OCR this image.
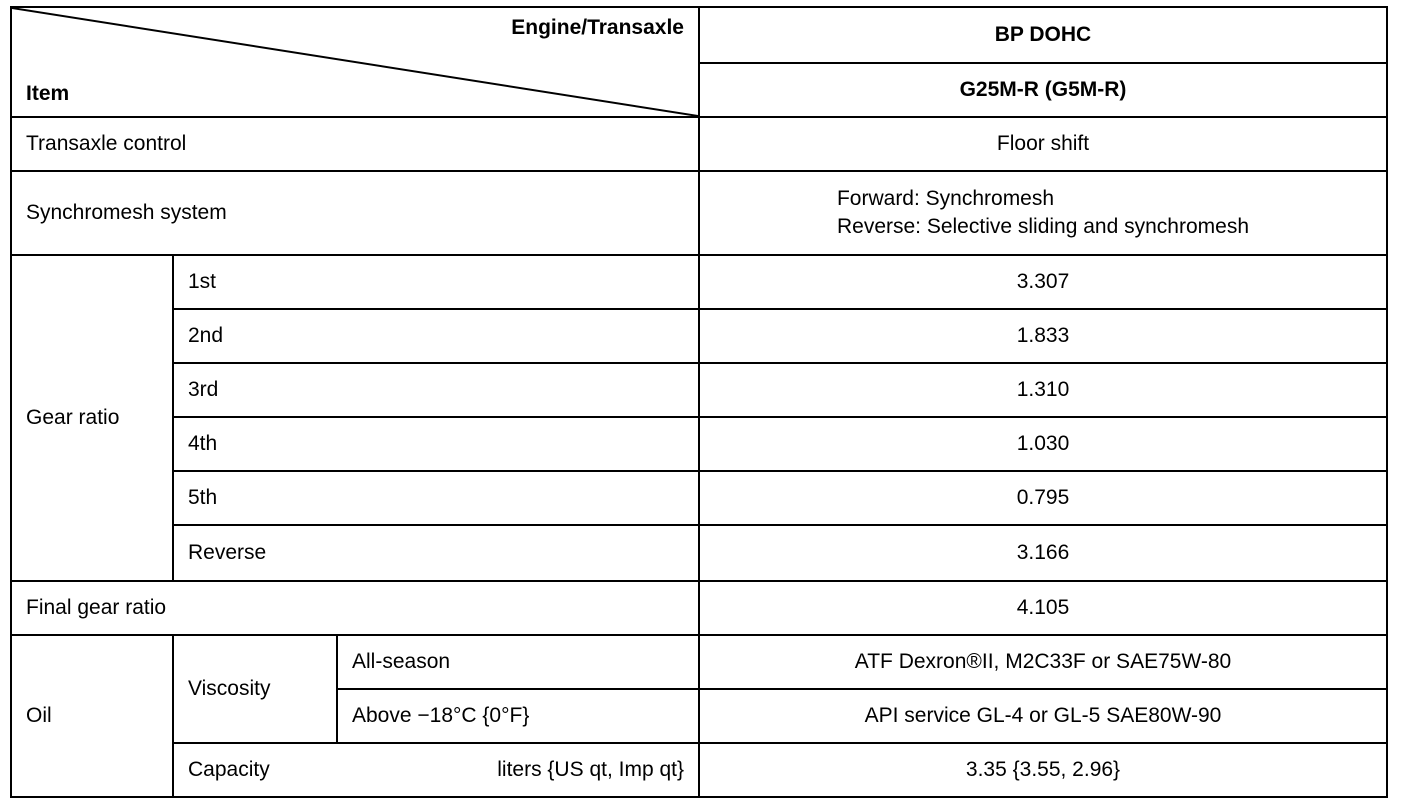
Engine/Transaxle
Item			BP DOHC
			G25M-R (G5M-R)
Transaxle control			Floor shift
Synchromesh system			Forward: Synchromesh
Reverse: Selective sliding and synchromesh
Gear ratio	1st		3.307
	2nd		1.833
	3rd		1.310
	4th		1.030
	5th		0.795
	Reverse		3.166
Final gear ratio			4.105
Oil	Viscosity	All-season	ATF Dexron®II, M2C33F or SAE75W-80
		Above −18°C {0°F}	API service GL-4 or GL-5 SAE80W-90

	Capacity liters {US qt, Imp qt}		3.35 {3.55, 2.96}
